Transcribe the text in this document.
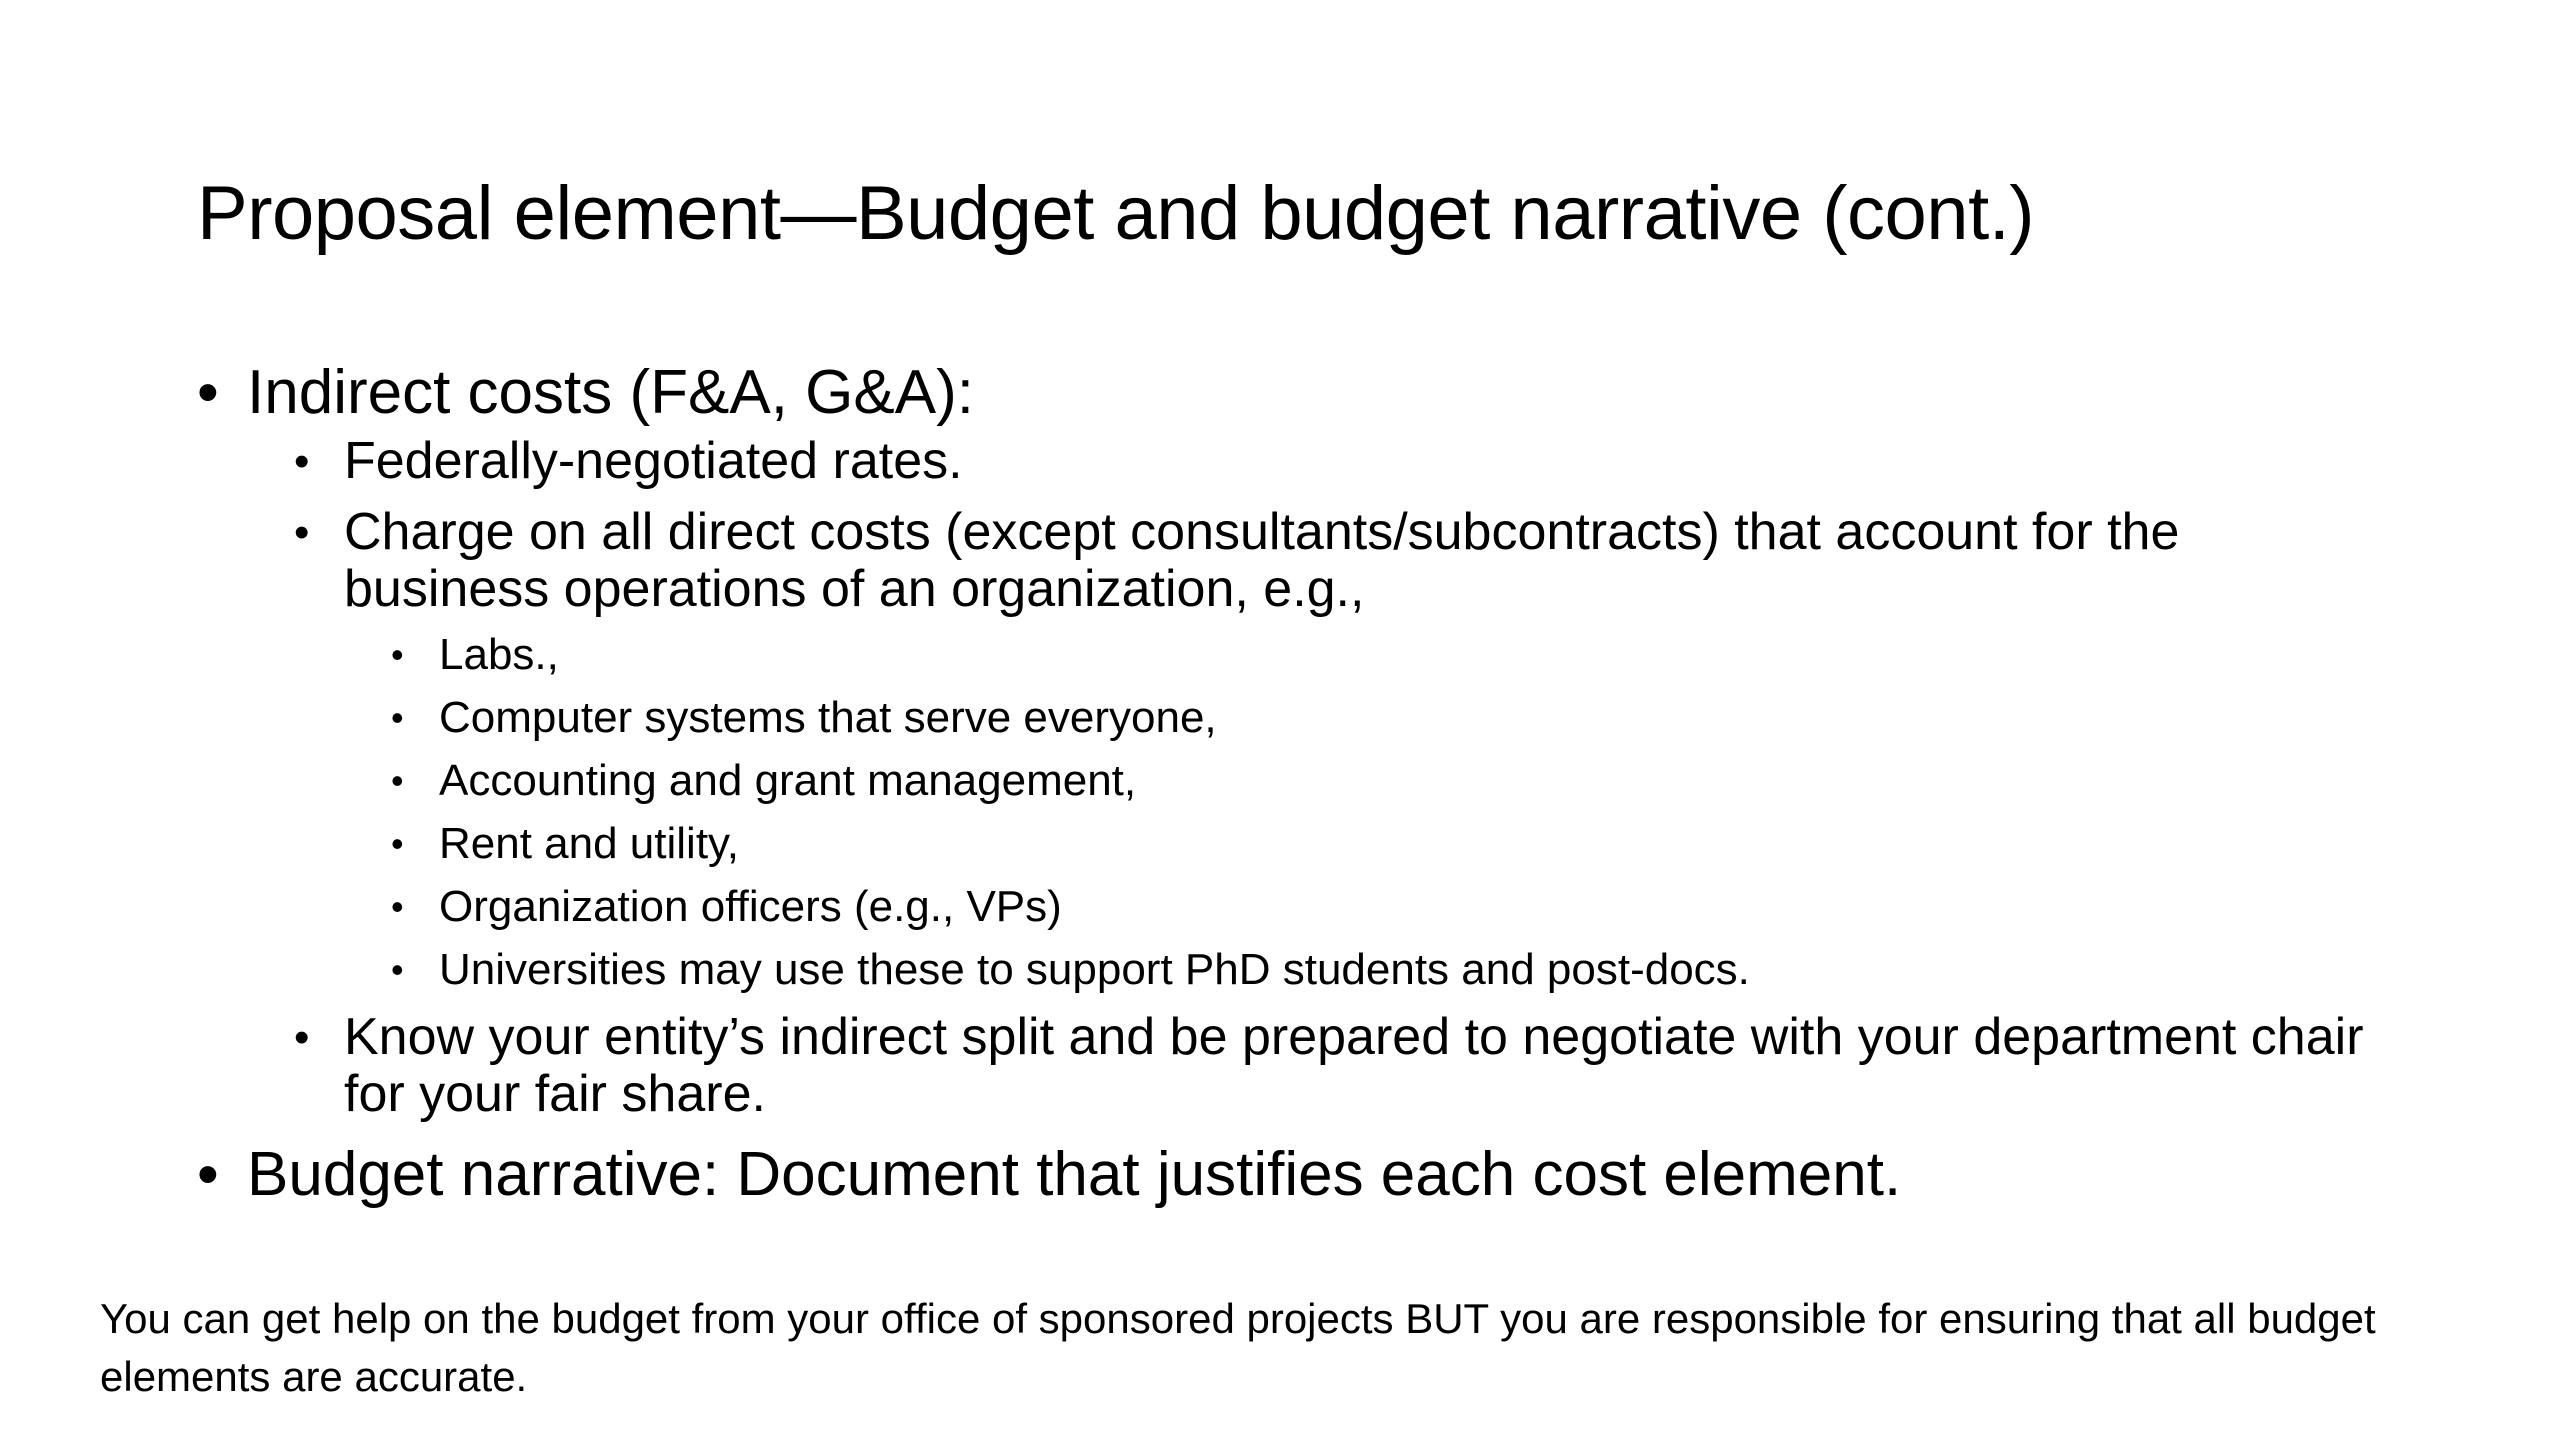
Proposal element—Budget and budget narrative (cont.)
• Indirect costs (F&A, G&A):
• Federally-negotiated rates.
• Charge on all direct costs (except consultants/subcontracts) that account for the business operations of an organization, e.g.,
• Labs.,
• Computer systems that serve everyone,
• Accounting and grant management,
• Rent and utility,
• Organization officers (e.g., VPs)
• Universities may use these to support PhD students and post-docs.
• Know your entity’s indirect split and be prepared to negotiate with your department chair for your fair share.
• Budget narrative: Document that justifies each cost element.
You can get help on the budget from your office of sponsored projects BUT you are responsible for ensuring that all budget elements are accurate.
